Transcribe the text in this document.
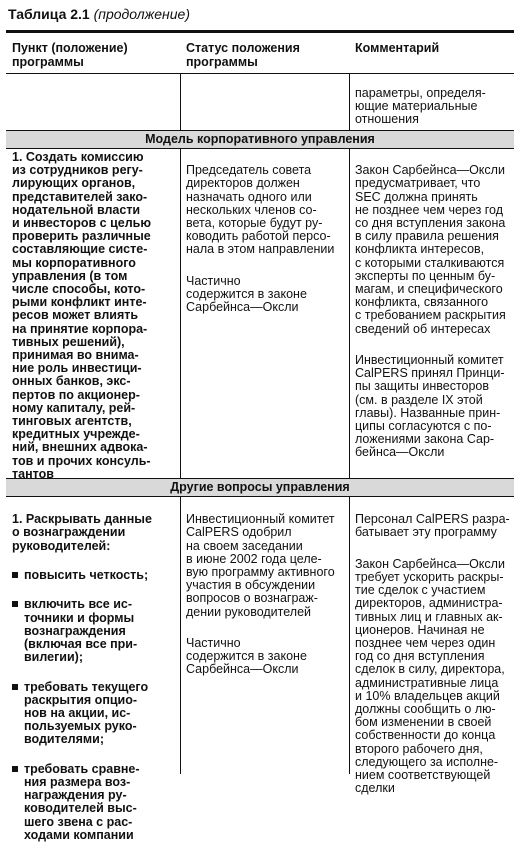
Таблица 2.1 (продолжение)
Пункт (положение)
программы
Статус положения
программы
Комментарий
параметры, определя-
ющие материальные
отношения
Модель корпоративного управления
1. Создать комиссию
из сотрудников регу-
лирующих органов,
представителей зако-
нодательной власти
и инвесторов с целью
проверить различные
составляющие систе-
мы корпоративного
управления (в том
числе способы, кото-
рыми конфликт инте-
ресов может влиять
на принятие корпора-
тивных решений),
принимая во внима-
ние роль инвестици-
онных банков, экс-
пертов по акционер-
ному капиталу, рей-
тинговых агентств,
кредитных учрежде-
ний, внешних адвока-
тов и прочих консуль-
тантов

Председатель совета
директоров должен
назначать одного или
нескольких членов со-
вета, которые будут ру-
ководить работой персо-
нала в этом направлении

Частично
содержится в законе
Сарбейнса—Оксли

Закон Сарбейнса—Оксли
предусматривает, что
SEC должна принять
не позднее чем через год
со дня вступления закона
в силу правила решения
конфликта интересов,
с которыми сталкиваются
эксперты по ценным бу-
магам, и специфического
конфликта, связанного
с требованием раскрытия
сведений об интересах

Инвестиционный комитет
CalPERS принял Принци-
пы защиты инвесторов
(см. в разделе IX этой
главы). Названные прин-
ципы согласуются с по-
ложениями закона Сар-
бейнса—Оксли

Другие вопросы управления

1. Раскрывать данные
о вознаграждении
руководителей:

повысить четкость;

включить все ис-
точники и формы
вознаграждения
(включая все при-
вилегии);

требовать текущего
раскрытия опцио-
нов на акции, ис-
пользуемых руко-
водителями;

требовать сравне-
ния размера воз-
награждения ру-
ководителей выс-
шего звена с рас-
ходами компании

Инвестиционный комитет
CalPERS одобрил
на своем заседании
в июне 2002 года целе-
вую программу активного
участия в обсуждении
вопросов о вознаграж-
дении руководителей

Частично
содержится в законе
Сарбейнса—Оксли

Персонал CalPERS разра-
батывает эту программу

Закон Сарбейнса—Оксли
требует ускорить раскры-
тие сделок с участием
директоров, администра-
тивных лиц и главных ак-
ционеров. Начиная не
позднее чем через один
год со дня вступления
сделок в силу, директора,
административные лица
и 10% владельцев акций
должны сообщить о лю-
бом изменении в своей
собственности до конца
второго рабочего дня,
следующего за исполне-
нием соответствующей
сделки
